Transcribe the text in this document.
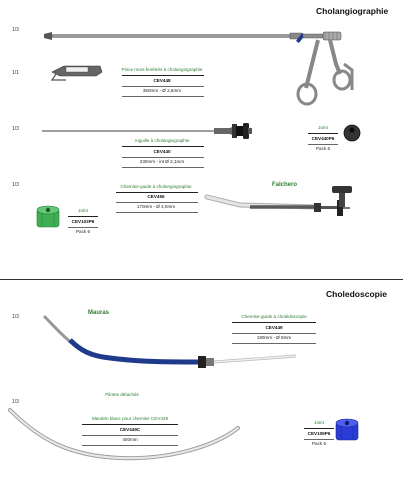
Cholangiographie
Choledoscopie
1/3
1/1
1/3
1/3
1/3
1/3
Pince mors fenêtrés à cholangiographie
CEV448
350mm - Ø 2,5mm
Aiguille à cholangiographie
CEV440
230mm - int Ø 2,1mm
Joint
CEV440P6
Pack 6
Chemise-guide à cholangiographie
CEV455
170mm - Ø 4,0mm
Falchero
Joint
CEV103P6
Pack 6
Mauras
Chemise-guide à cholédoscopie
CEV449
190mm - Ø 8mm
Pilotes détachés
Mandrin blanc pour chemise CEV449
CEV449C
400mm
Joint
CEV109P6
Pack 6
